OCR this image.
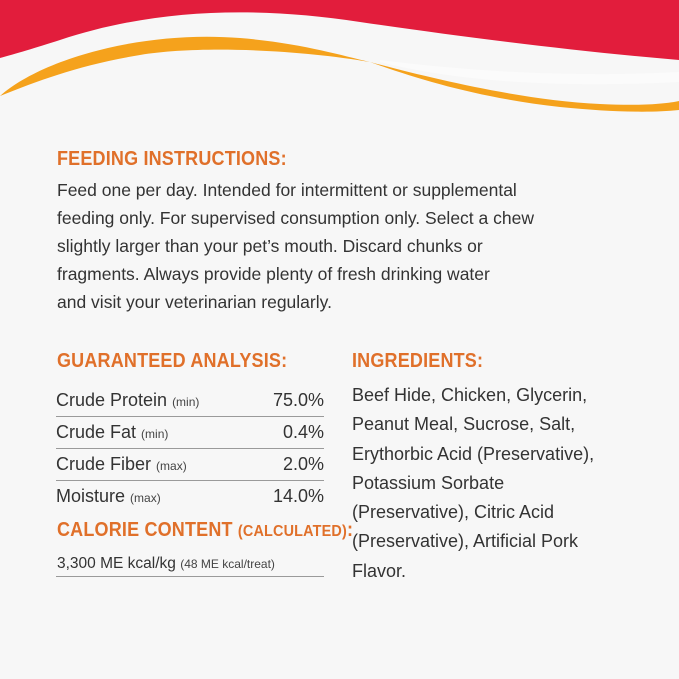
FEEDING INSTRUCTIONS:
Feed one per day. Intended for intermittent or supplemental
feeding only. For supervised consumption only. Select a chew
slightly larger than your pet’s mouth. Discard chunks or
fragments. Always provide plenty of fresh drinking water
and visit your veterinarian regularly.
GUARANTEED ANALYSIS:
Crude Protein (min)	75.0%
Crude Fat (min)	0.4%
Crude Fiber (max)	2.0%
Moisture (max)	14.0%
CALORIE CONTENT (CALCULATED):
3,300 ME kcal/kg (48 ME kcal/treat)
INGREDIENTS:
Beef Hide, Chicken, Glycerin,
Peanut Meal, Sucrose, Salt,
Erythorbic Acid (Preservative),
Potassium Sorbate
(Preservative), Citric Acid
(Preservative), Artificial Pork
Flavor.
